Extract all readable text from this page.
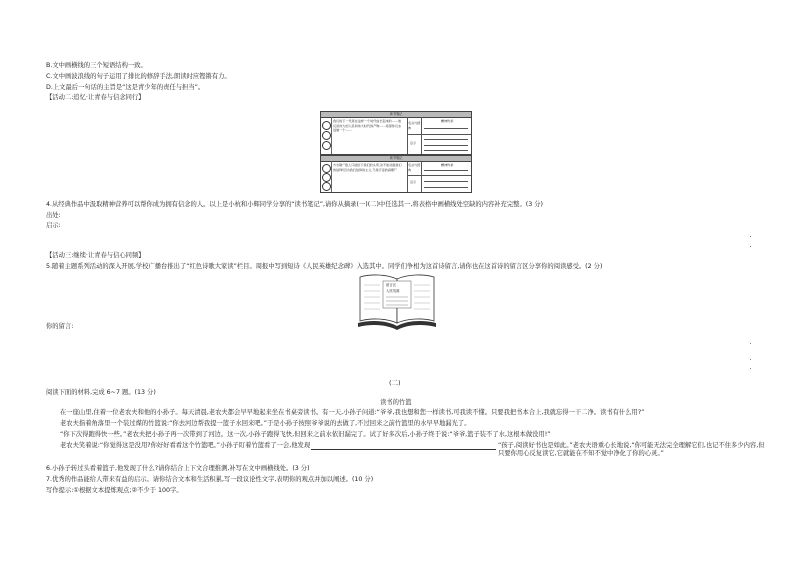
B.文中画横线的三个短语结构一致。
C.文中画波浪线的句子运用了排比的修辞手法,朗读时应铿锵有力。
D.上文最后一句话的主旨是“这是青少年的责任与担当”。
【活动二:追忆·让青春与信念同行】
读书笔记
我们的下一代是在这样一个时代成长起来的……他们是伟大的人民和伟大时代的产物……希望你们永远做一个……
名言与经典
启示
精神传承
读书笔记
方志敏:“敌人只能砍下我们的头颅,决不能动摇我们的信仰!因为我们信仰的主义,乃是宇宙的真理!”
名言与经典
启示
精神传承
4.从经典作品中汲取精神营养可以帮你成为拥有信念的人。以上是小杭和小辉同学分享的“读书笔记”,请你从摘录(一)(二)中任选其一,将表格中画横线处空缺的内容补充完整。(3 分)
出处:
启示:
【活动三:继续·让青春与信心同频】
5.随着主题系列活动的深入开展,学校广播台推出了“红色诗歌大家读”栏目。周报中写到短诗《人民英雄纪念碑》入选其中。同学们争相为这首诗留言,请你也在这首诗的留言区分享你的阅读感受。(2 分)
留言区
人民英雄
你的留言:
(二)
阅读下面的材料,完成 6~7 题。(13 分)
读书的竹篮
在一座山里,住着一位老农夫和他的小孙子。每天清晨,老农夫都会早早地起来坐在书桌旁读书。有一天,小孙子问道:“爷爷,我也想和您一样读书,可我读不懂。只要我把书本合上,我就忘得一干二净。读书有什么用?”
老农夫指着角落里一个装过煤的竹篮说:“你去河边帮我提一篮子水回来吧。”于是小孙子按照爷爷说的去做了,不过回来之前竹篮里的水早早地漏光了。
“你下次得跑得快一些。”老农夫把小孙子再一次带到了河边。这一次,小孙子跑得飞快,但回来之前水依旧漏完了。试了好多次后,小孙子终于说:“爷爷,篮子装不了水,这根本做没用!”
老农夫笑着说:“你觉得这是没用?你好好看看这个竹篮吧。”小孙子盯着竹篮看了一会,他发现	“孩子,阅读好书也是如此。”老农夫语重心长地说,“你可能无法完全理解它们,也记不住多少内容,但只要你用心反复读它,它就能在不知不觉中净化了你的心灵。”
6.小孙子转过头看着篮子,他发现了什么?请你结合上下文合理推测,补写在文中画横线处。(3 分)
7.优秀的作品能给人带来有益的启示。请你结合文本和生活积累,写一段议论性文字,表明你的观点并加以阐述。(10 分)
写作提示:①根据文本提炼观点;②不少于 100字。
